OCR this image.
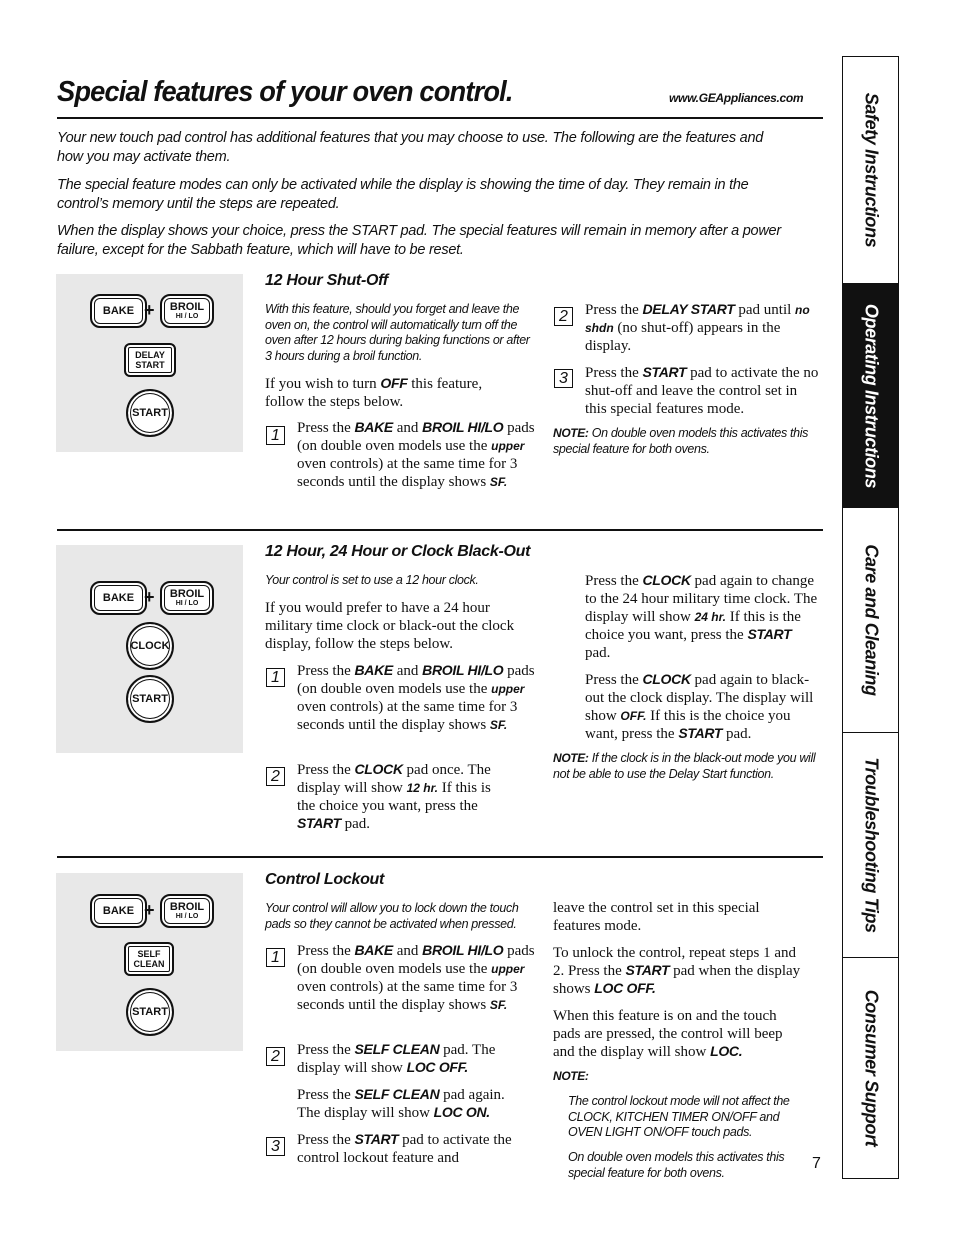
Special features of your oven control.	www.GEAppliances.com
Your new touch pad control has additional features that you may choose to use. The following are the features and how you may activate them.
The special feature modes can only be activated while the display is showing the time of day. They remain in the control’s memory until the steps are repeated.
When the display shows your choice, press the START pad. The special features will remain in memory after a power failure, except for the Sabbath feature, which will have to be reset.
BAKE +	BROIL
HI / LO
DELAY
START
START
12 Hour Shut-Off
With this feature, should you forget and leave the oven on, the control will automatically turn off the oven after 12 hours during baking functions or after 3 hours during a broil function.
If you wish to turn OFF this feature, follow the steps below.
1	Press the BAKE and BROIL HI/LO pads (on double oven models use the upper oven controls) at the same time for 3 seconds until the display shows SF.
2	Press the DELAY START pad until no shdn (no shut-off) appears in the display.
3	Press the START pad to activate the no shut-off and leave the control set in this special features mode.
NOTE: On double oven models this activates this special feature for both ovens.
BAKE +	BROIL
HI / LO
CLOCK
START
12 Hour, 24 Hour or Clock Black-Out
Your control is set to use a 12 hour clock.
If you would prefer to have a 24 hour military time clock or black-out the clock display, follow the steps below.
1	Press the BAKE and BROIL HI/LO pads (on double oven models use the upper oven controls) at the same time for 3 seconds until the display shows SF.
2	Press the CLOCK pad once. The display will show 12 hr. If this is the choice you want, press the START pad.
Press the CLOCK pad again to change to the 24 hour military time clock. The display will show 24 hr. If this is the choice you want, press the START pad.
Press the CLOCK pad again to black-out the clock display. The display will show OFF. If this is the choice you want, press the START pad.
NOTE: If the clock is in the black-out mode you will not be able to use the Delay Start function.
BAKE +	BROIL
HI / LO
SELF
CLEAN
START
Control Lockout
Your control will allow you to lock down the touch pads so they cannot be activated when pressed.
1	Press the BAKE and BROIL HI/LO pads (on double oven models use the upper oven controls) at the same time for 3 seconds until the display shows SF.
2	Press the SELF CLEAN pad. The display will show LOC OFF.
Press the SELF CLEAN pad again. The display will show LOC ON.
3	Press the START pad to activate the control lockout feature and
leave the control set in this special features mode.
To unlock the control, repeat steps 1 and 2. Press the START pad when the display shows LOC OFF.
When this feature is on and the touch pads are pressed, the control will beep and the display will show LOC.
NOTE:
The control lockout mode will not affect the CLOCK, KITCHEN TIMER ON/OFF and OVEN LIGHT ON/OFF touch pads.
On double oven models this activates this special feature for both ovens.
7
Safety Instructions
Operating Instructions
Care and Cleaning
Troubleshooting Tips
Consumer Support
